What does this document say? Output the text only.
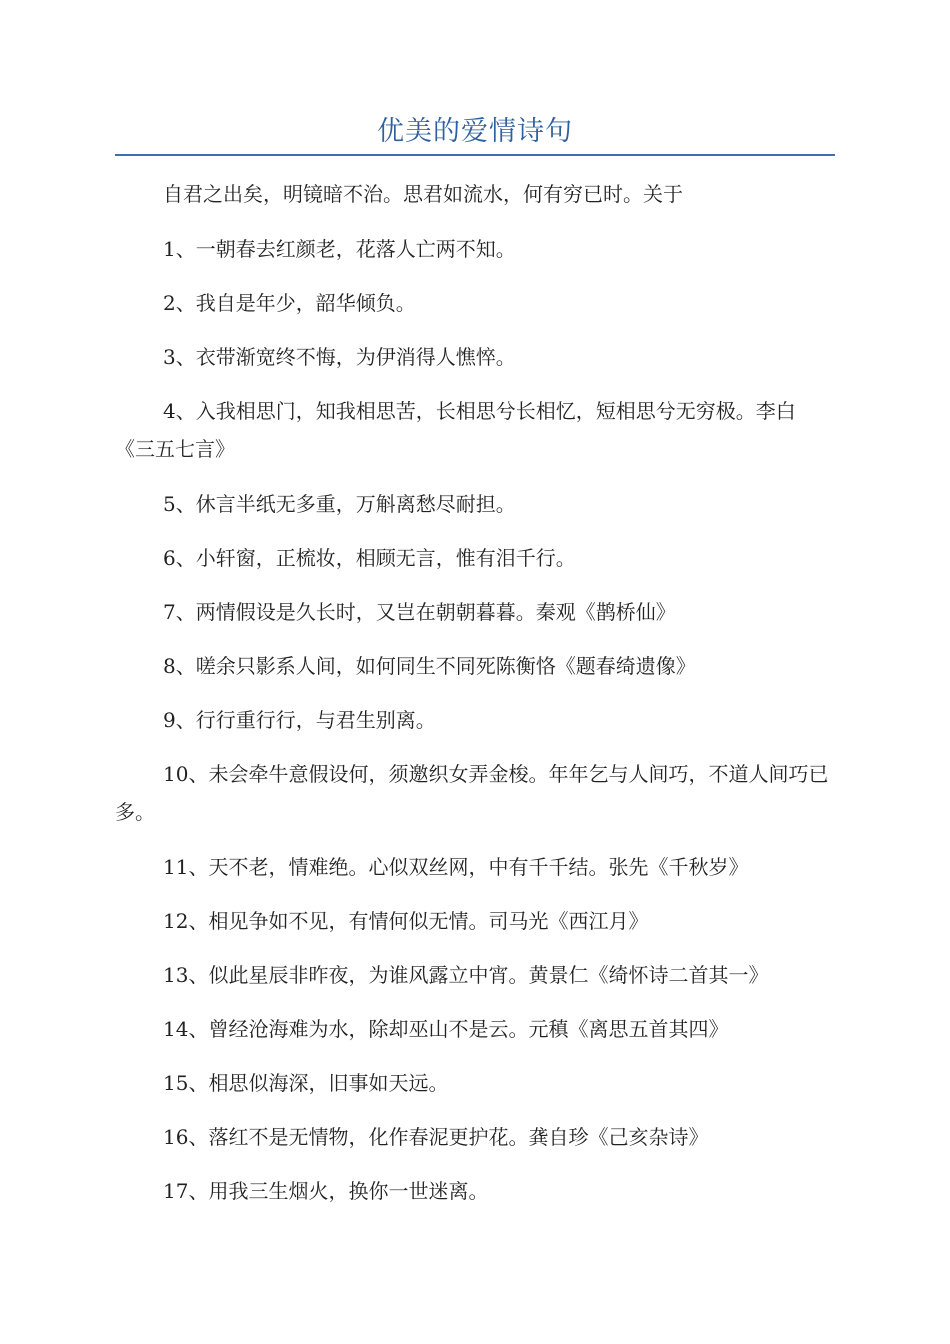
优美的爱情诗句

自君之出矣，明镜暗不治。思君如流水，何有穷已时。关于

1、一朝春去红颜老，花落人亡两不知。

2、我自是年少，韶华倾负。

3、衣带渐宽终不悔，为伊消得人憔悴。

4、入我相思门，知我相思苦，长相思兮长相忆，短相思兮无穷极。李白《三五七言》

5、休言半纸无多重，万斛离愁尽耐担。

6、小轩窗，正梳妆，相顾无言，惟有泪千行。

7、两情假设是久长时，又岂在朝朝暮暮。秦观《鹊桥仙》

8、嗟余只影系人间，如何同生不同死陈衡恪《题春绮遗像》

9、行行重行行，与君生别离。

10、未会牵牛意假设何，须邀织女弄金梭。年年乞与人间巧，不道人间巧已多。

11、天不老，情难绝。心似双丝网，中有千千结。张先《千秋岁》

12、相见争如不见，有情何似无情。司马光《西江月》

13、似此星辰非昨夜，为谁风露立中宵。黄景仁《绮怀诗二首其一》

14、曾经沧海难为水，除却巫山不是云。元稹《离思五首其四》

15、相思似海深，旧事如天远。

16、落红不是无情物，化作春泥更护花。龚自珍《己亥杂诗》

17、用我三生烟火，换你一世迷离。
